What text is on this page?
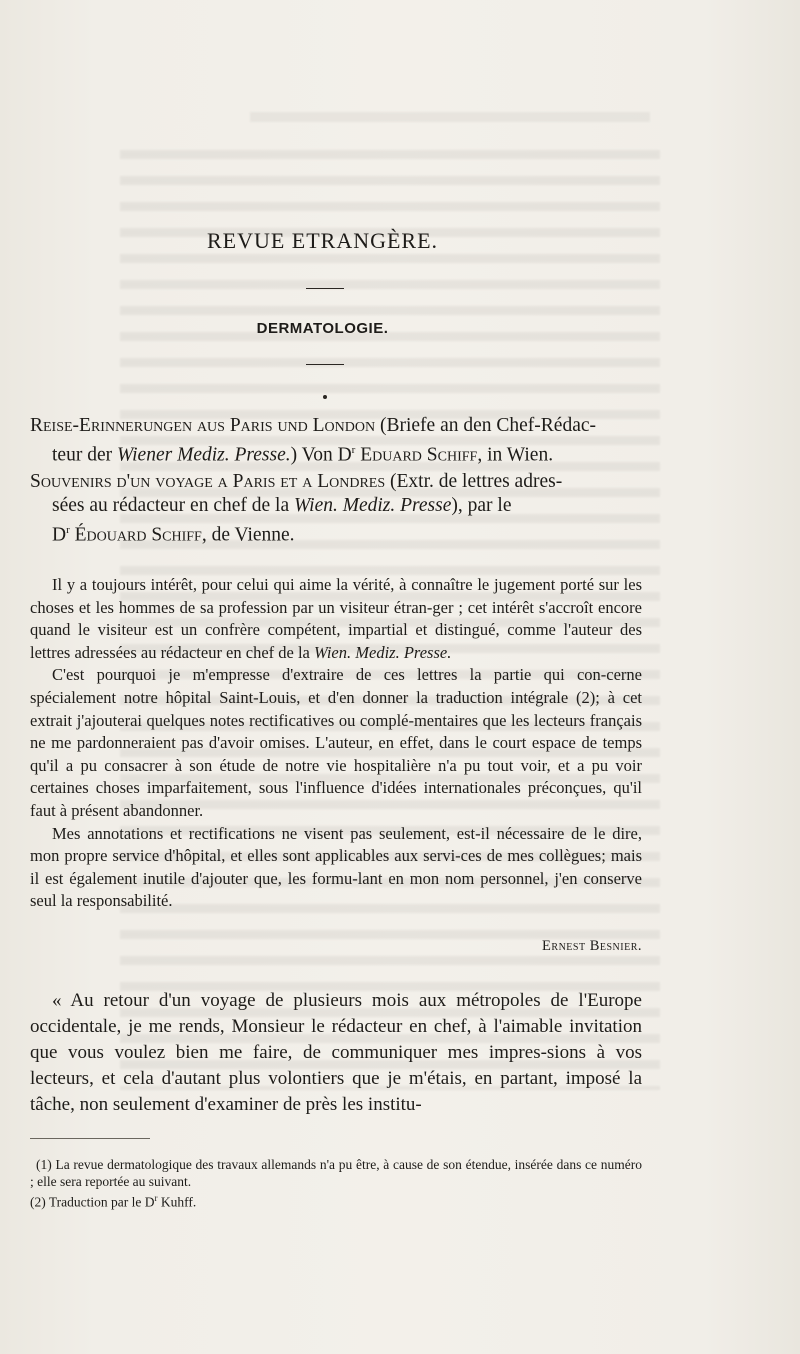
REVUE ETRANGÈRE.
DERMATOLOGIE.
Reise-Erinnerungen aus Paris und London (Briefe an den Chef-Rédac-
teur der Wiener Mediz. Presse.) Von $D^r$ Eduard Schiff, in Wien.
Souvenirs d'un voyage a Paris et a Londres (Extr. de lettres adres-
sées au rédacteur en chef de la Wien. Mediz. Presse), par le
$D^r$ Édouard Schiff, de Vienne.

Il y a toujours intérêt, pour celui qui aime la vérité, à connaître le jugement porté sur les choses et les hommes de sa profession par un visiteur étran-ger ; cet intérêt s'accroît encore quand le visiteur est un confrère compétent, impartial et distingué, comme l'auteur des lettres adressées au rédacteur en chef de la Wien. Mediz. Presse.

C'est pourquoi je m'empresse d'extraire de ces lettres la partie qui con-cerne spécialement notre hôpital Saint-Louis, et d'en donner la traduction intégrale (2); à cet extrait j'ajouterai quelques notes rectificatives ou complé-mentaires que les lecteurs français ne me pardonneraient pas d'avoir omises. L'auteur, en effet, dans le court espace de temps qu'il a pu consacrer à son étude de notre vie hospitalière n'a pu tout voir, et a pu voir certaines choses imparfaitement, sous l'influence d'idées internationales préconçues, qu'il faut à présent abandonner.

Mes annotations et rectifications ne visent pas seulement, est-il nécessaire de le dire, mon propre service d'hôpital, et elles sont applicables aux servi-ces de mes collègues; mais il est également inutile d'ajouter que, les formu-lant en mon nom personnel, j'en conserve seul la responsabilité.

Ernest Besnier.

« Au retour d'un voyage de plusieurs mois aux métropoles de l'Europe occidentale, je me rends, Monsieur le rédacteur en chef, à l'aimable invitation que vous voulez bien me faire, de communiquer mes impres-sions à vos lecteurs, et cela d'autant plus volontiers que je m'étais, en partant, imposé la tâche, non seulement d'examiner de près les institu-

(1) La revue dermatologique des travaux allemands n'a pu être, à cause de son étendue, insérée dans ce numéro ; elle sera reportée au suivant.

(2) Traduction par le $D^r$ Kuhff.
